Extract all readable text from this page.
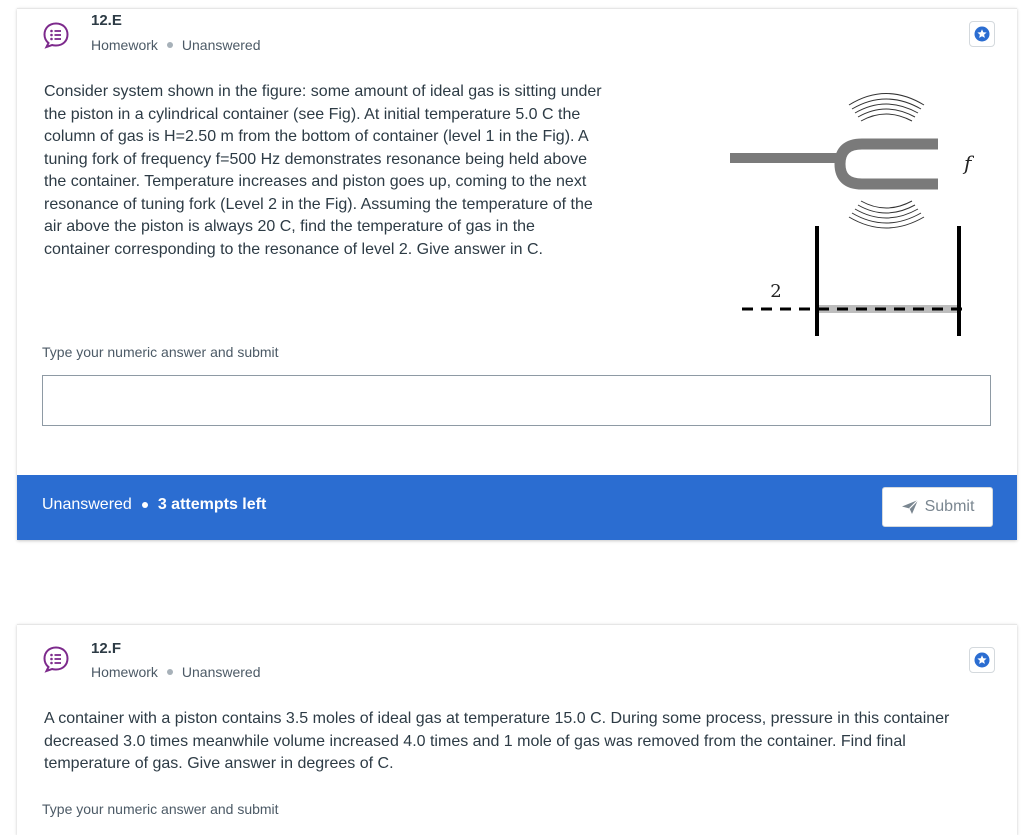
12.E
Homework Unanswered
Consider system shown in the figure: some amount of ideal gas is sitting under the piston in a cylindrical container (see Fig). At initial temperature 5.0 C the column of gas is H=2.50 m from the bottom of container (level 1 in the Fig). A tuning fork of frequency f=500 Hz demonstrates resonance being held above the container. Temperature increases and piston goes up, coming to the next resonance of tuning fork (Level 2 in the Fig). Assuming the temperature of the air above the piston is always 20 C, find the temperature of gas in the container corresponding to the resonance of level 2. Give answer in C.
f
2
Type your numeric answer and submit
Unanswered 3 attempts left	Submit
12.F
Homework Unanswered
A container with a piston contains 3.5 moles of ideal gas at temperature 15.0 C. During some process, pressure in this container decreased 3.0 times meanwhile volume increased 4.0 times and 1 mole of gas was removed from the container. Find final temperature of gas. Give answer in degrees of C.
Type your numeric answer and submit
